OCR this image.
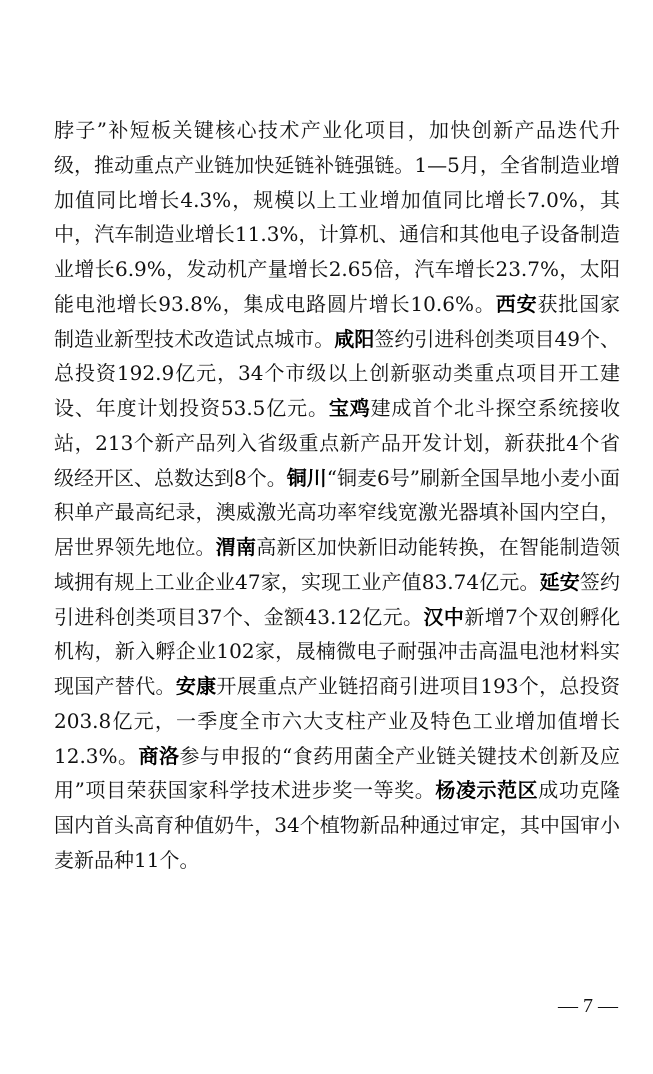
脖子”补短板关键核心技术产业化项目，加快创新产品迭代升级，推动重点产业链加快延链补链强链。1—5月，全省制造业增加值同比增长4.3%，规模以上工业增加值同比增长7.0%，其中，汽车制造业增长11.3%，计算机、通信和其他电子设备制造业增长6.9%，发动机产量增长2.65倍，汽车增长23.7%，太阳能电池增长93.8%，集成电路圆片增长10.6%。西安获批国家制造业新型技术改造试点城市。咸阳签约引进科创类项目49个、总投资192.9亿元，34个市级以上创新驱动类重点项目开工建设、年度计划投资53.5亿元。宝鸡建成首个北斗探空系统接收站，213个新产品列入省级重点新产品开发计划，新获批4个省级经开区、总数达到8个。铜川“铜麦6号”刷新全国旱地小麦小面积单产最高纪录，澳威激光高功率窄线宽激光器填补国内空白，居世界领先地位。渭南高新区加快新旧动能转换，在智能制造领域拥有规上工业企业47家，实现工业产值83.74亿元。延安签约引进科创类项目37个、金额43.12亿元。汉中新增7个双创孵化机构，新入孵企业102家，晟楠微电子耐强冲击高温电池材料实现国产替代。安康开展重点产业链招商引进项目193个，总投资203.8亿元，一季度全市六大支柱产业及特色工业增加值增长12.3%。商洛参与申报的“食药用菌全产业链关键技术创新及应用”项目荣获国家科学技术进步奖一等奖。杨凌示范区成功克隆国内首头高育种值奶牛，34个植物新品种通过审定，其中国审小麦新品种11个。

— 7 —
